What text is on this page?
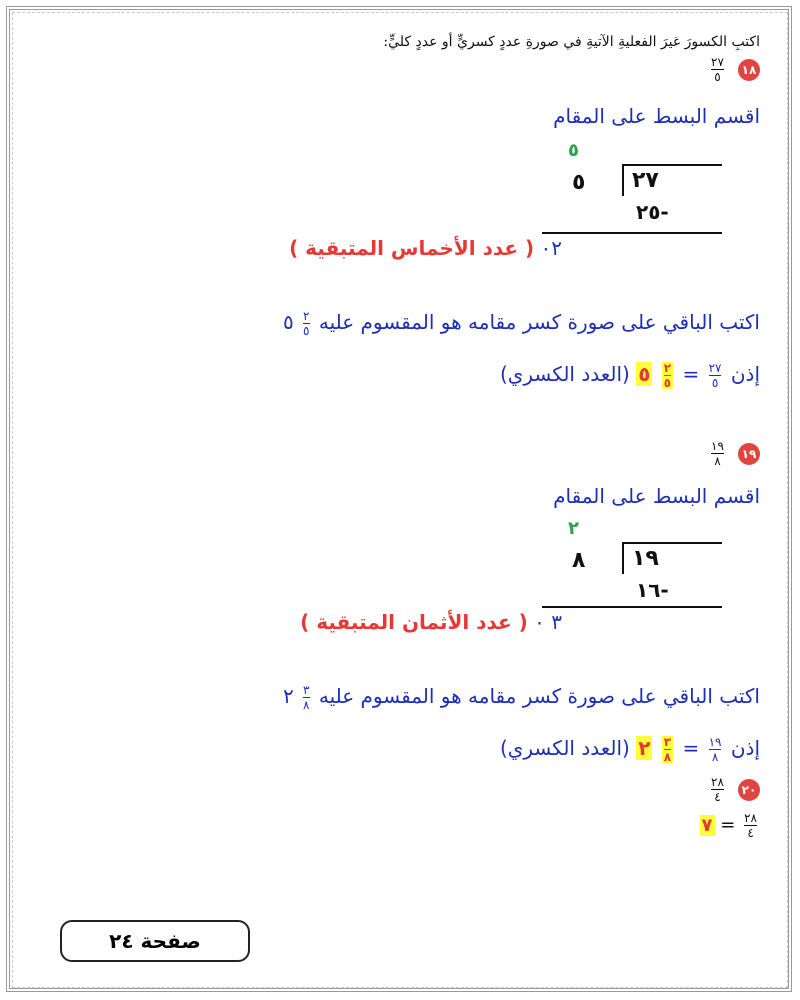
اكتبِ الكسورَ غيرَ الفعليةِ الآتيةِ في صورةِ عددٍ كسريٍّ أو عددٍ كليٍّ:
١٨
$\frac{٢٧}{٥}$
اقسم البسط على المقام
٥
٢٧
٥
٢٥-
٠٢ ( عدد الأخماس المتبقية )
اكتب الباقي على صورة كسر مقامه هو المقسوم عليه
$\frac{٢}{٥}$
٥
إذن
$\frac{٢٧}{٥}$
=
$\frac{٢}{٥}$
٥ (العدد الكسري)
١٩
$\frac{١٩}{٨}$
اقسم البسط على المقام
٢
١٩
٨
١٦-
٣ ٠ ( عدد الأثمان المتبقية )
اكتب الباقي على صورة كسر مقامه هو المقسوم عليه
$\frac{٣}{٨}$
٢
إذن
$\frac{١٩}{٨}$
=
$\frac{٣}{٨}$
٢ (العدد الكسري)
٢٠
$\frac{٢٨}{٤}$
$\frac{٢٨}{٤}$
= ٧
صفحة ٢٤
